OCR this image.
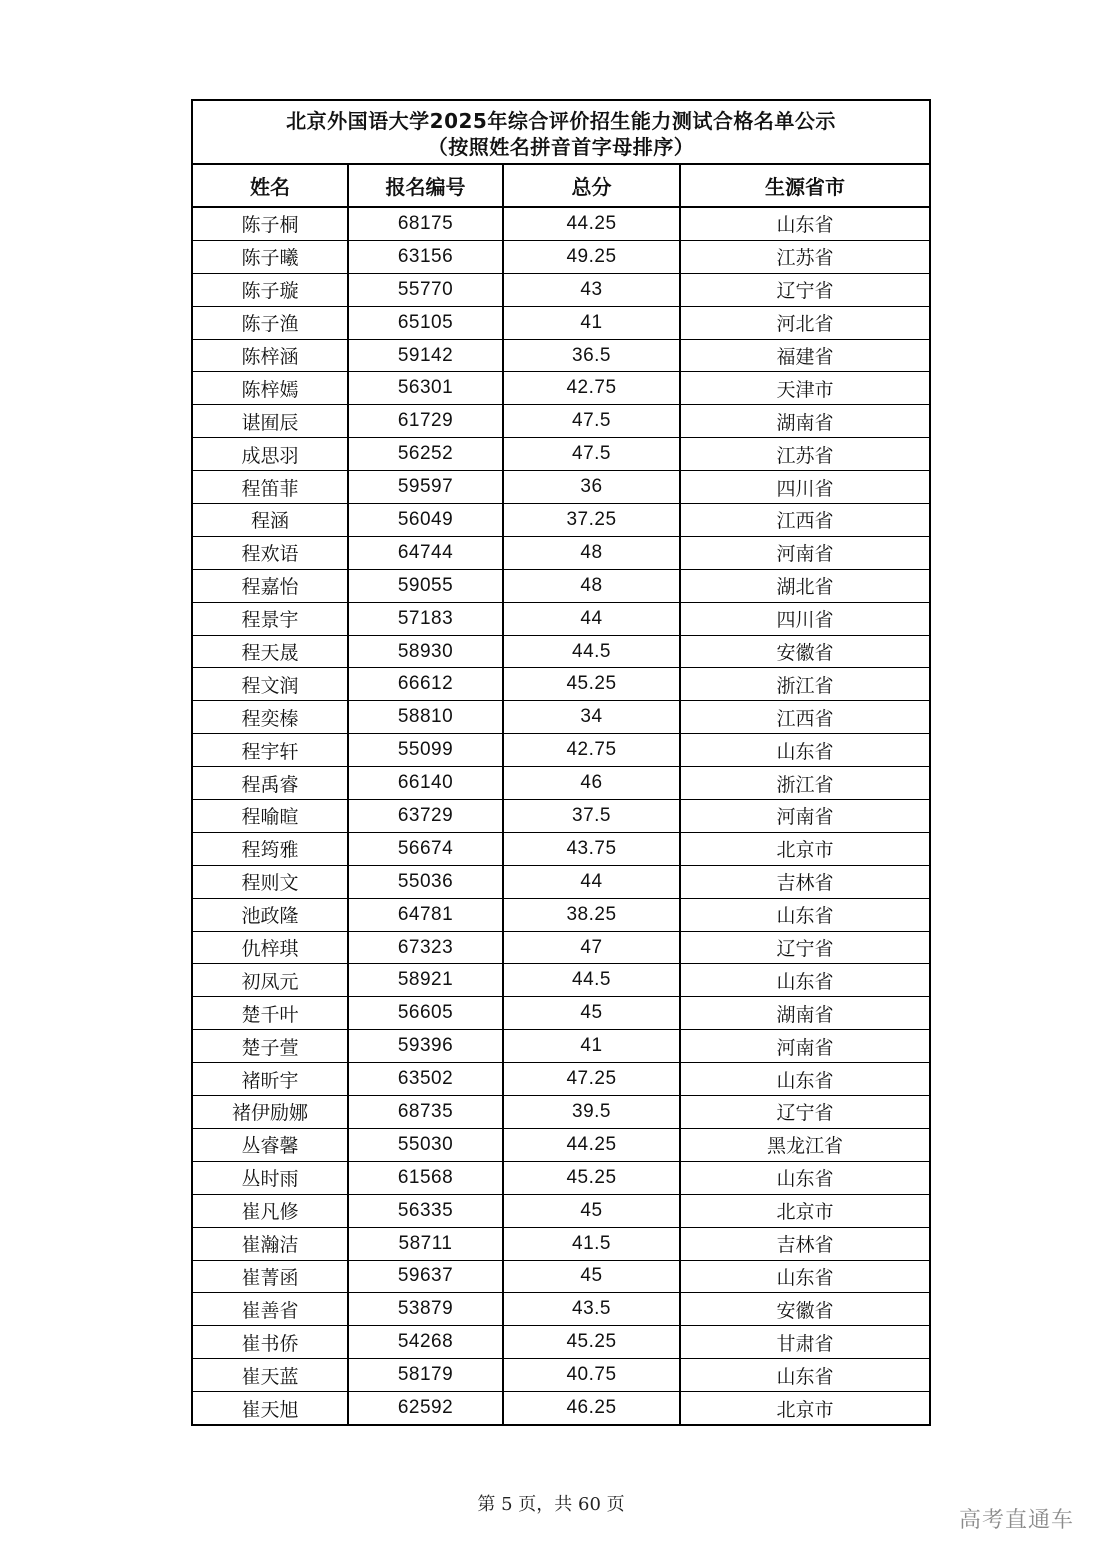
北京外国语大学2025年综合评价招生能力测试合格名单公示
（按照姓名拼音首字母排序）
姓名	报名编号	总分	生源省市
陈子桐	68175	44.25	山东省
陈子曦	63156	49.25	江苏省
陈子璇	55770	43	辽宁省
陈子渔	65105	41	河北省
陈梓涵	59142	36.5	福建省
陈梓嫣	56301	42.75	天津市
谌囿辰	61729	47.5	湖南省
成思羽	56252	47.5	江苏省
程笛菲	59597	36	四川省
程涵	56049	37.25	江西省
程欢语	64744	48	河南省
程嘉怡	59055	48	湖北省
程景宇	57183	44	四川省
程天晟	58930	44.5	安徽省
程文润	66612	45.25	浙江省
程奕榛	58810	34	江西省
程宇轩	55099	42.75	山东省
程禹睿	66140	46	浙江省
程喻暄	63729	37.5	河南省
程筠雅	56674	43.75	北京市
程则文	55036	44	吉林省
池政隆	64781	38.25	山东省
仇梓琪	67323	47	辽宁省
初凤元	58921	44.5	山东省
楚千叶	56605	45	湖南省
楚子萱	59396	41	河南省
褚昕宇	63502	47.25	山东省
褚伊励娜	68735	39.5	辽宁省
丛睿馨	55030	44.25	黑龙江省
丛时雨	61568	45.25	山东省
崔凡修	56335	45	北京市
崔瀚洁	58711	41.5	吉林省
崔菁函	59637	45	山东省
崔善省	53879	43.5	安徽省
崔书侨	54268	45.25	甘肃省
崔天蓝	58179	40.75	山东省
崔天旭	62592	46.25	北京市
第 5 页，共 60 页
高考直通车
